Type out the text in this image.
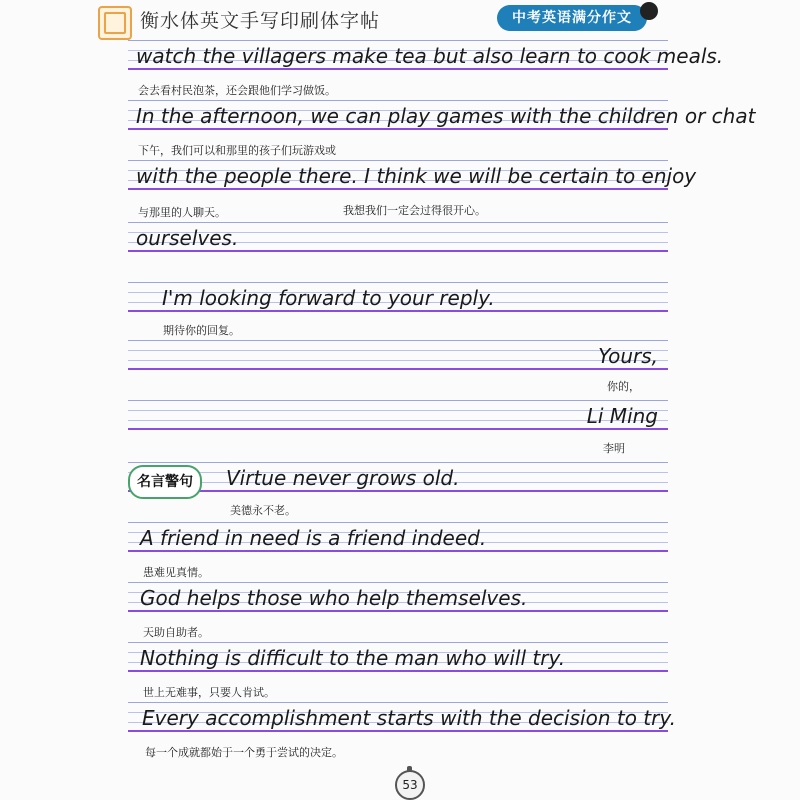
衡水体英文手写印刷体字帖	中考英语满分作文
watch the villagers make tea but also learn to cook meals.
会去看村民泡茶，还会跟他们学习做饭。
In the afternoon, we can play games with the children or chat
下午，我们可以和那里的孩子们玩游戏或
with the people there. I think we will be certain to enjoy
与那里的人聊天。	我想我们一定会过得很开心。
ourselves.
I'm looking forward to your reply.
期待你的回复。
Yours,
你的，
Li Ming
李明
Virtue never grows old.
名言警句
美德永不老。
A friend in need is a friend indeed.
患难见真情。
God helps those who help themselves.
天助自助者。
Nothing is difficult to the man who will try.
世上无难事，只要人肯试。
Every accomplishment starts with the decision to try.
每一个成就都始于一个勇于尝试的决定。
53
